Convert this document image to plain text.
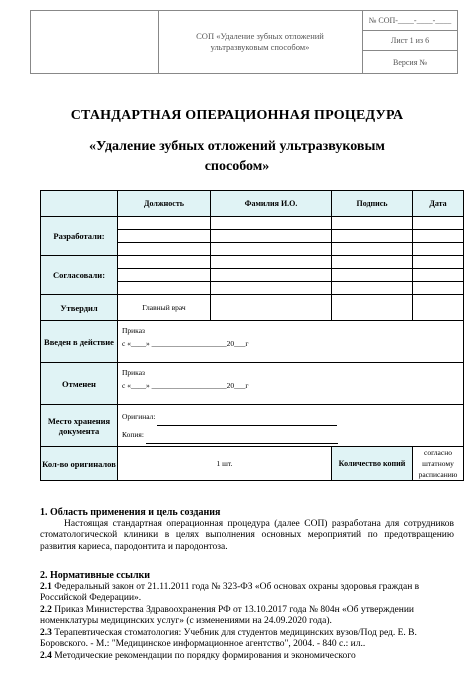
СОП «Удаление зубных отложений ультразвуковым способом»
№ СОП-____-____-____
Лист 1 из 6
Версия №
СТАНДАРТНАЯ ОПЕРАЦИОННАЯ ПРОЦЕДУРА
«Удаление зубных отложений ультразвуковым способом»
	Должность	Фамилия И.О.	Подпись	Дата
Разработали:				

Согласовали:				

Утвердил	Главный врач			
Введен в действие	Приказ
с «____» ____________________20___г			

Отменен	Приказ
с «____» ____________________20___г			

Место хранения документа	Оригинал:
Копия:			

Кол-во оригиналов	1 шт.		Количество копий	согласно штатному расписанию
1. Область применения и цель создания
Настоящая стандартная операционная процедура (далее СОП) разработана для сотрудников стоматологической клиники в целях выполнения основных мероприятий по предотвращению развития кариеса, пародонтита и пародонтоза.
2. Нормативные ссылки
2.1 Федеральный закон от 21.11.2011 года № 323-ФЗ «Об основах охраны здоровья граждан в Российской Федерации».
2.2 Приказ Министерства Здравоохранения РФ от 13.10.2017 года № 804н «Об утверждении номенклатуры медицинских услуг» (с изменениями на 24.09.2020 года).
2.3 Терапевтическая стоматология: Учебник для студентов медицинских вузов/Под ред. Е. В. Боровского. - М.: "Медицинское информационное агентство", 2004. - 840 с.: ил..
2.4 Методические рекомендации по порядку формирования и экономического
